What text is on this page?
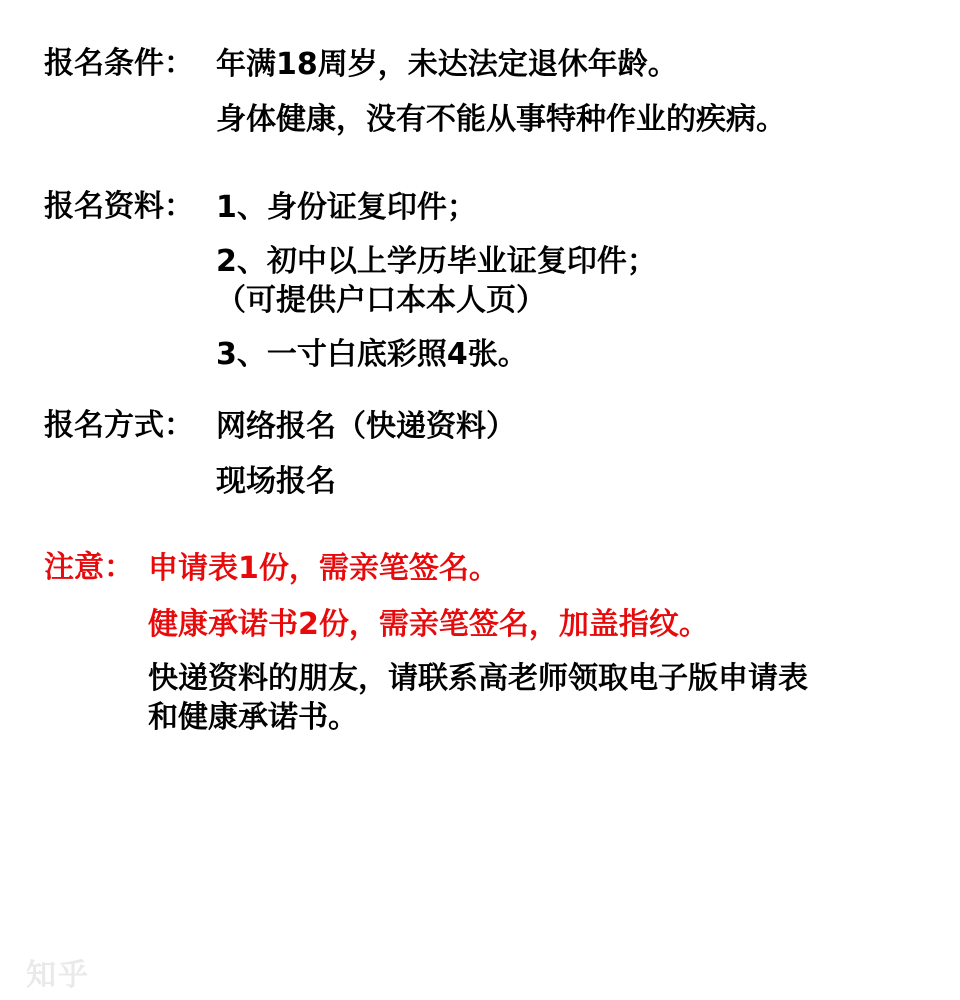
报名条件： 年满18周岁，未达法定退休年龄。
身体健康，没有不能从事特种作业的疾病。
报名资料： 1、身份证复印件；
2、初中以上学历毕业证复印件；
（可提供户口本本人页）
3、一寸白底彩照4张。
报名方式： 网络报名（快递资料）
现场报名
注意： 申请表1份，需亲笔签名。
健康承诺书2份，需亲笔签名，加盖指纹。
快递资料的朋友，请联系高老师领取电子版申请表
和健康承诺书。
知乎
